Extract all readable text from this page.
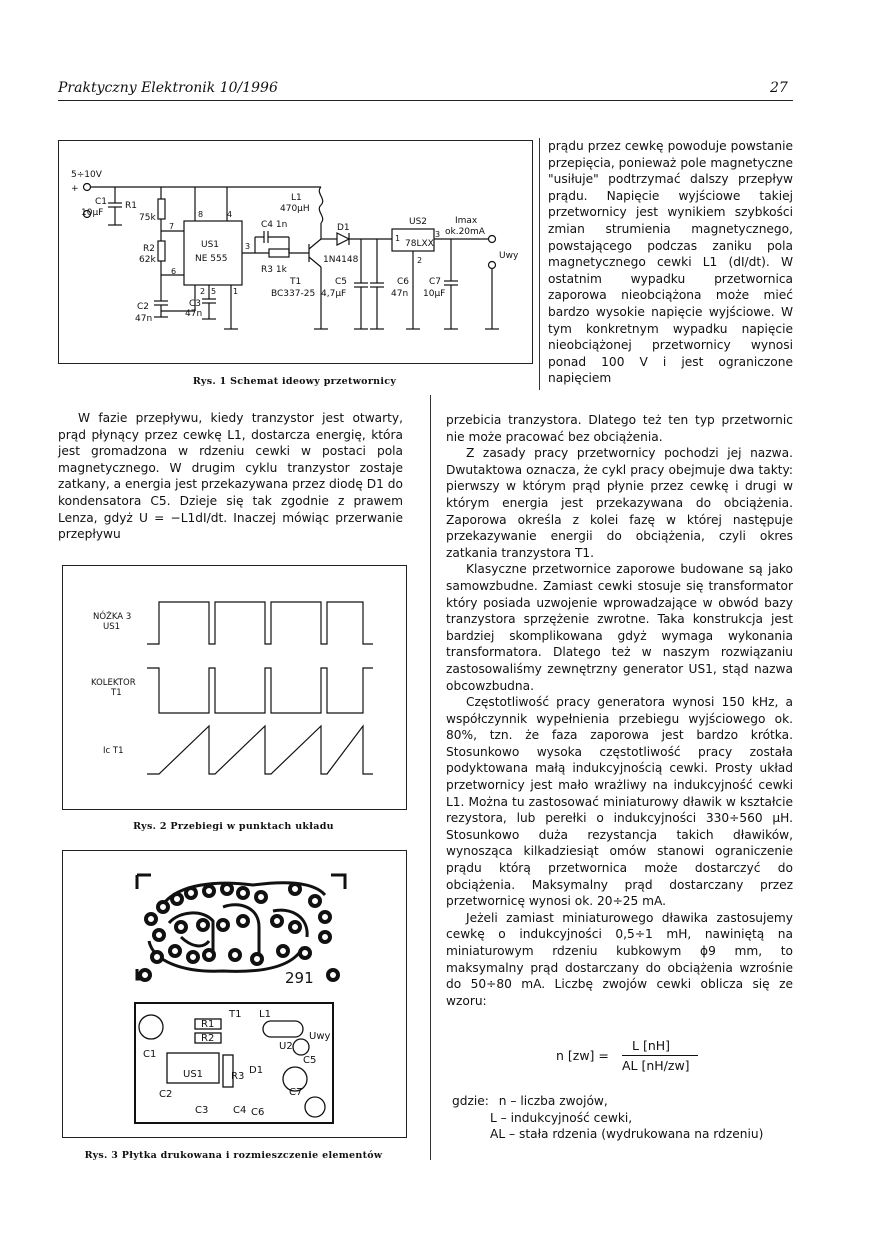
Praktyczny Elektronik 10/1996	27
5÷10V
+
C1
10µF
R1
75k
R2
62k
US1
NE 555
C2
47n
C3
47n
7
8	4
3
6
2 5 1
L1
470µH
C4 1n
R3 1k
T1
BC337-25
D1
1N4148
C5
4,7µF
C6
47n
C7
10µF
US2
78LXX
Imax
ok.20mA
1
2
3
Uwy
Rys. 1 Schemat ideowy przetwornicy
prądu przez cewkę powoduje powstanie przepięcia, ponieważ pole magnetyczne "usiłuje" podtrzymać dalszy przepływ prądu. Napięcie wyjściowe takiej przetwornicy jest wynikiem szybkości zmian strumienia magnetycznego, powstającego podczas zaniku pola magnetycznego cewki L1 (dI/dt). W ostatnim wypadku przetwornica zaporowa nieobciążona może mieć bardzo wysokie napięcie wyjściowe. W tym konkretnym wypadku napięcie nieobciążonej przetwornicy wynosi ponad 100 V i jest ograniczone napięciem

W fazie przepływu, kiedy tranzystor jest otwarty, prąd płynący przez cewkę L1, dostarcza energię, która jest gromadzona w rdzeniu cewki w postaci pola magnetycznego. W drugim cyklu tranzystor zostaje zatkany, a energia jest przekazywana przez diodę D1 do kondensatora C5. Dzieje się tak zgodnie z prawem Lenza, gdyż U = −L1dI/dt. Inaczej mówiąc przerwanie przepływu

NÓŻKA 3
US1
KOLEKTOR
T1
Ic T1
Rys. 2 Przebiegi w punktach układu
291
T1 L1
R1
R2	Uwy
U2
C1
C5
US1	R3
D1
C2	C7
C3 C4 C6
Rys. 3 Płytka drukowana i rozmieszczenie elementów

przebicia tranzystora. Dlatego też ten typ przetwornic nie może pracować bez obciążenia.

Z zasady pracy przetwornicy pochodzi jej nazwa. Dwutaktowa oznacza, że cykl pracy obejmuje dwa takty: pierwszy w którym prąd płynie przez cewkę i drugi w którym energia jest przekazywana do obciążenia. Zaporowa określa z kolei fazę w której następuje przekazywanie energii do obciążenia, czyli okres zatkania tranzystora T1.

Klasyczne przetwornice zaporowe budowane są jako samowzbudne. Zamiast cewki stosuje się transformator który posiada uzwojenie wprowadzające w obwód bazy tranzystora sprzężenie zwrotne. Taka konstrukcja jest bardziej skomplikowana gdyż wymaga wykonania transformatora. Dlatego też w naszym rozwiązaniu zastosowaliśmy zewnętrzny generator US1, stąd nazwa obcowzbudna.

Częstotliwość pracy generatora wynosi 150 kHz, a współczynnik wypełnienia przebiegu wyjściowego ok. 80%, tzn. że faza zaporowa jest bardzo krótka. Stosunkowo wysoka częstotliwość pracy została podyktowana małą indukcyjnością cewki. Prosty układ przetwornicy jest mało wrażliwy na indukcyjność cewki L1. Można tu zastosować miniaturowy dławik w kształcie rezystora, lub perełki o indukcyjności 330÷560 µH. Stosunkowo duża rezystancja takich dławików, wynosząca kilkadziesiąt omów stanowi ograniczenie prądu którą przetwornica może dostarczyć do obciążenia. Maksymalny prąd dostarczany przez przetwornicę wynosi ok. 20÷25 mA.

Jeżeli zamiast miniaturowego dławika zastosujemy cewkę o indukcyjności 0,5÷1 mH, nawiniętą na miniaturowym rdzeniu kubkowym ϕ9 mm, to maksymalny prąd dostarczany do obciążenia wzrośnie do 50÷80 mA. Liczbę zwojów cewki oblicza się ze wzoru:

n [zw] =
L [nH]
AL [nH/zw]
gdzie: n – liczba zwojów,
L – indukcyjność cewki,
AL – stała rdzenia (wydrukowana na rdzeniu)
